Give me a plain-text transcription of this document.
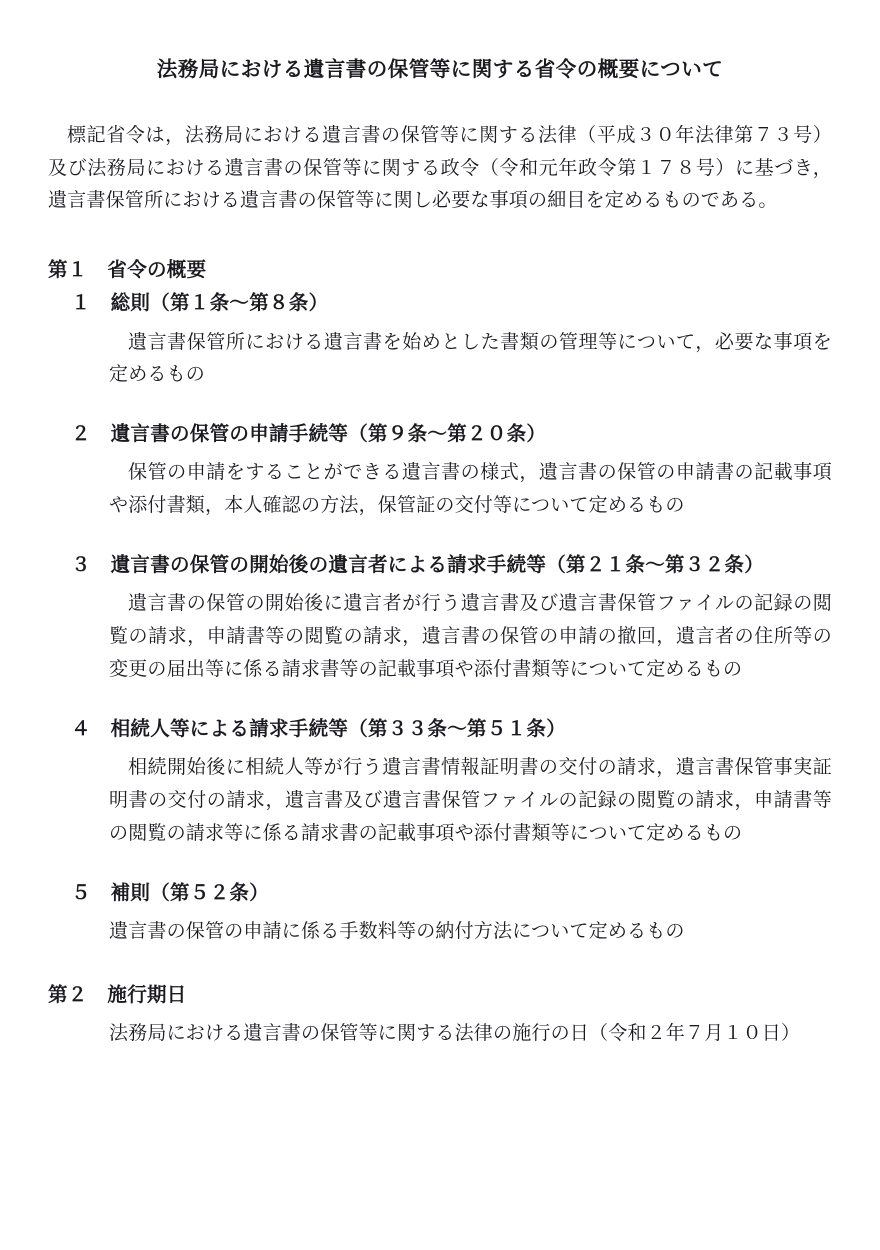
法務局における遺言書の保管等に関する省令の概要について

標記省令は，法務局における遺言書の保管等に関する法律（平成３０年法律第７３号）及び法務局における遺言書の保管等に関する政令（令和元年政令第１７８号）に基づき，遺言書保管所における遺言書の保管等に関し必要な事項の細目を定めるものである。

第１　省令の概要

１　総則（第１条〜第８条）

遺言書保管所における遺言書を始めとした書類の管理等について，必要な事項を定めるもの

２　遺言書の保管の申請手続等（第９条〜第２０条）

保管の申請をすることができる遺言書の様式，遺言書の保管の申請書の記載事項や添付書類，本人確認の方法，保管証の交付等について定めるもの

３　遺言書の保管の開始後の遺言者による請求手続等（第２１条〜第３２条）

遺言書の保管の開始後に遺言者が行う遺言書及び遺言書保管ファイルの記録の閲覧の請求，申請書等の閲覧の請求，遺言書の保管の申請の撤回，遺言者の住所等の変更の届出等に係る請求書等の記載事項や添付書類等について定めるもの

４　相続人等による請求手続等（第３３条〜第５１条）

相続開始後に相続人等が行う遺言書情報証明書の交付の請求，遺言書保管事実証明書の交付の請求，遺言書及び遺言書保管ファイルの記録の閲覧の請求，申請書等の閲覧の請求等に係る請求書の記載事項や添付書類等について定めるもの

５　補則（第５２条）

遺言書の保管の申請に係る手数料等の納付方法について定めるもの

第２　施行期日

法務局における遺言書の保管等に関する法律の施行の日（令和２年７月１０日）
